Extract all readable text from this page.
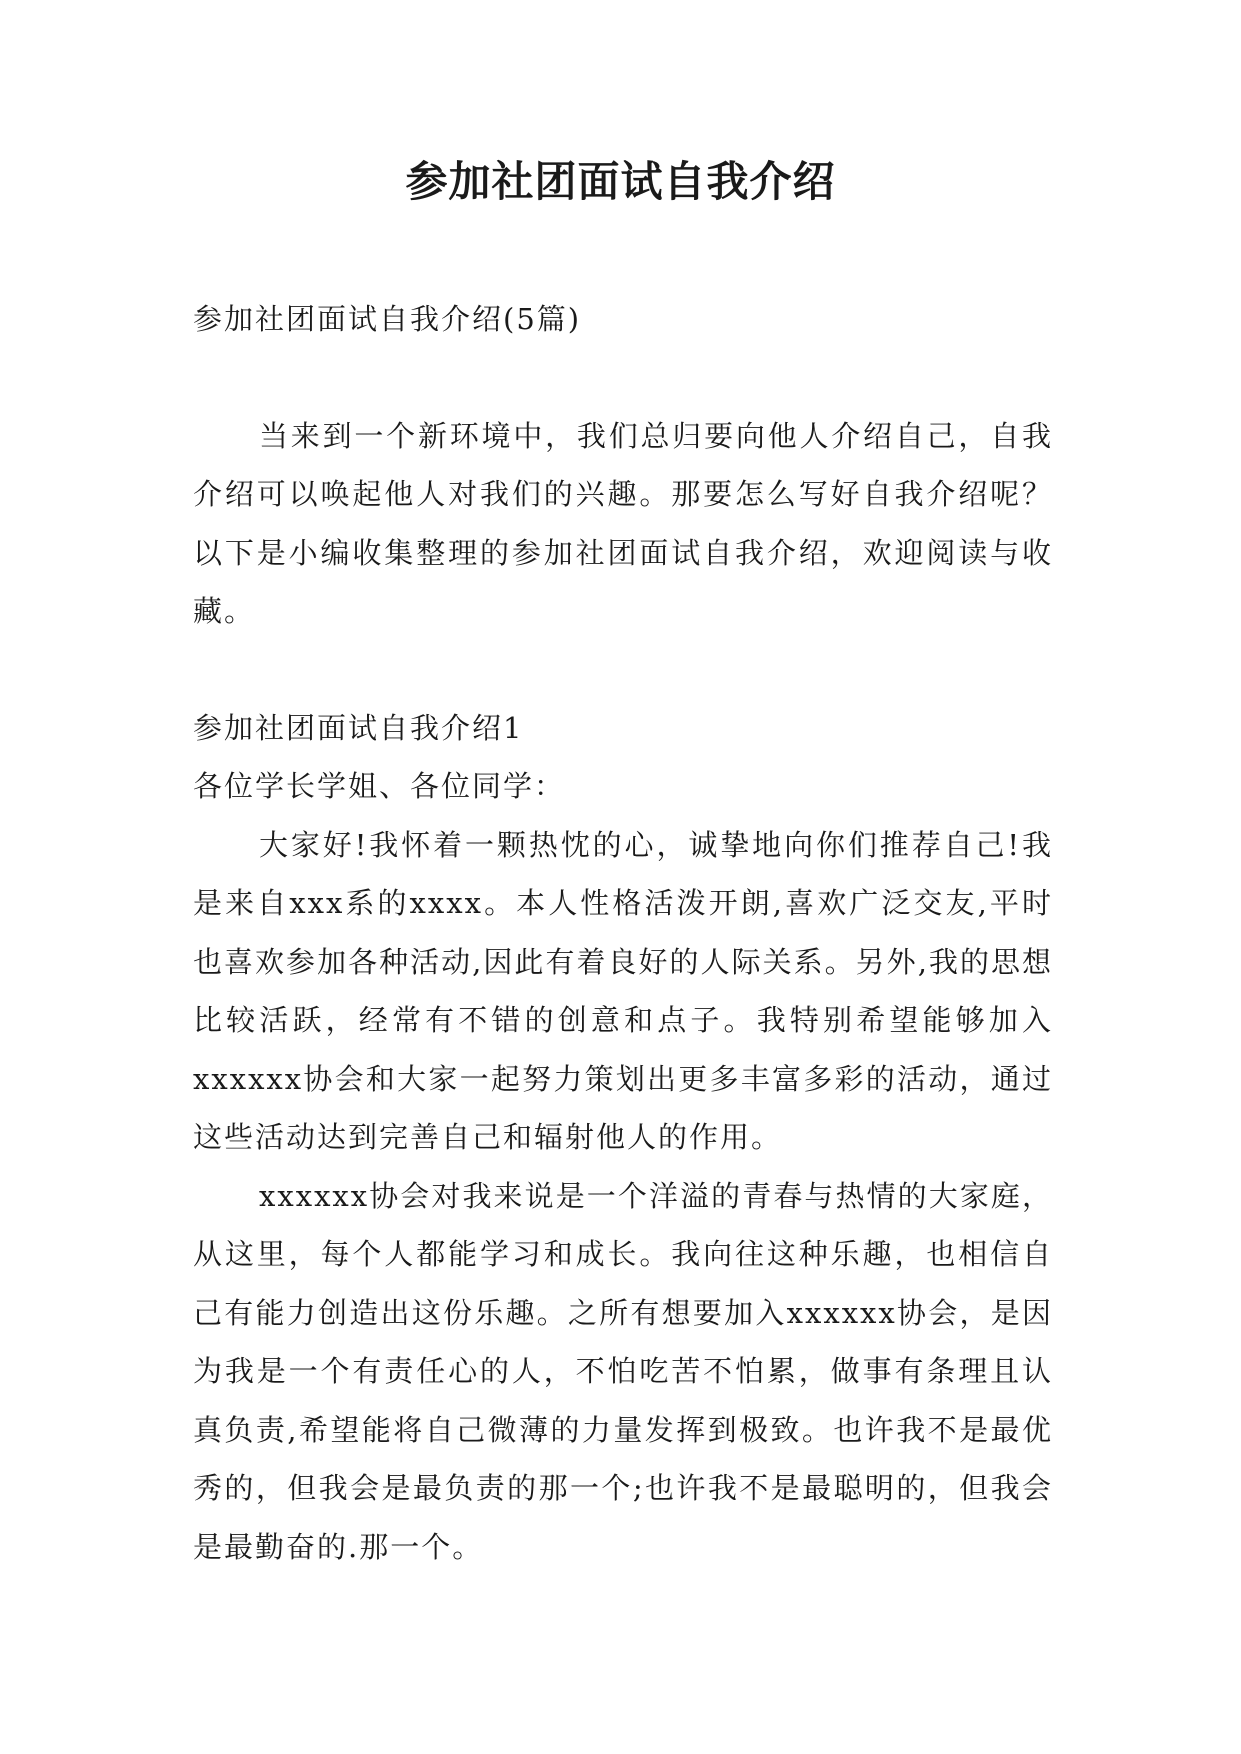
参加社团面试自我介绍

参加社团面试自我介绍(5篇)

当来到一个新环境中，我们总归要向他人介绍自己，自我介绍可以唤起他人对我们的兴趣。那要怎么写好自我介绍呢？以下是小编收集整理的参加社团面试自我介绍，欢迎阅读与收藏。

参加社团面试自我介绍1

各位学长学姐、各位同学：

大家好!我怀着一颗热忱的心，诚挚地向你们推荐自己!我是来自xxx系的xxxx。本人性格活泼开朗,喜欢广泛交友,平时也喜欢参加各种活动,因此有着良好的人际关系。另外,我的思想比较活跃，经常有不错的创意和点子。我特别希望能够加入xxxxxx协会和大家一起努力策划出更多丰富多彩的活动，通过这些活动达到完善自己和辐射他人的作用。

xxxxxx协会对我来说是一个洋溢的青春与热情的大家庭，从这里，每个人都能学习和成长。我向往这种乐趣，也相信自己有能力创造出这份乐趣。之所有想要加入xxxxxx协会，是因为我是一个有责任心的人，不怕吃苦不怕累，做事有条理且认真负责,希望能将自己微薄的力量发挥到极致。也许我不是最优秀的，但我会是最负责的那一个;也许我不是最聪明的，但我会是最勤奋的.那一个。
